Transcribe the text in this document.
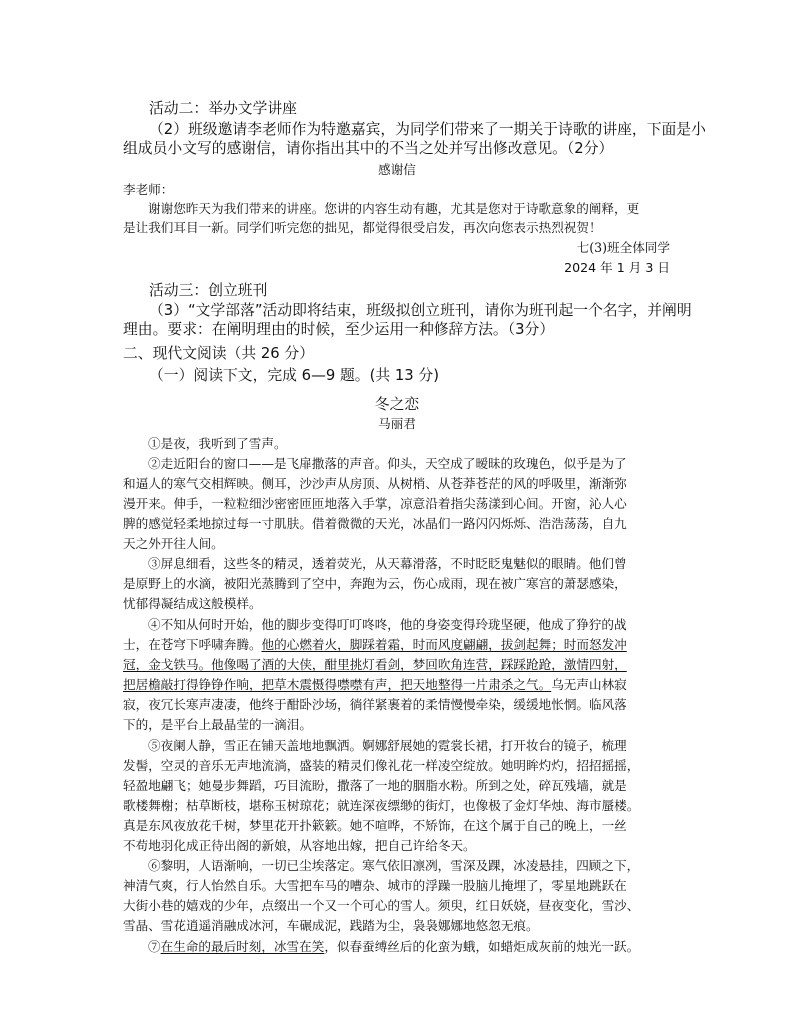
活动二：举办文学讲座
（2）班级邀请李老师作为特邀嘉宾，为同学们带来了一期关于诗歌的讲座，下面是小
组成员小文写的感谢信，请你指出其中的不当之处并写出修改意见。（2分）
感谢信
李老师：
谢谢您昨天为我们带来的讲座。您讲的内容生动有趣，尤其是您对于诗歌意象的阐释，更
是让我们耳目一新。同学们听完您的拙见，都觉得很受启发，再次向您表示热烈祝贺！
七(3)班全体同学
2024 年 1 月 3 日
活动三：创立班刊
（3）“文学部落”活动即将结束，班级拟创立班刊，请你为班刊起一个名字，并阐明
理由。要求：在阐明理由的时候，至少运用一种修辞方法。（3分）
二、现代文阅读（共 26 分）
（一）阅读下文，完成 6—9 题。(共 13 分)
冬之恋
马丽君
①是夜，我听到了雪声。
②走近阳台的窗口——是飞扉撒落的声音。仰头，天空成了暧昧的玫瑰色，似乎是为了
和逼人的寒气交相辉映。侧耳，沙沙声从房顶、从树梢、从苍莽苍茫的风的呼吸里，渐渐弥
漫开来。伸手，一粒粒细沙密密匝匝地落入手掌，凉意沿着指尖荡漾到心间。开窗，沁人心
脾的感觉轻柔地掠过每一寸肌肤。借着微微的天光，冰晶们一路闪闪烁烁、浩浩荡荡，自九
天之外开往人间。
③屏息细看，这些冬的精灵，透着荧光，从天幕滑落，不时眨眨鬼魅似的眼睛。他们曾
是原野上的水滴，被阳光蒸腾到了空中，奔跑为云，伤心成雨，现在被广寒宫的萧瑟感染，
忧郁得凝结成这般模样。
④不知从何时开始，他的脚步变得叮叮咚咚，他的身姿变得玲珑坚硬，他成了狰狞的战
士，在苍穹下呼啸奔腾。他的心燃着火，脚踩着霜，时而风度翩翩，拔剑起舞；时而怒发冲
冠，金戈铁马。他像喝了酒的大侠，酣里挑灯看剑，梦回吹角连营，踩踩跄跄，激情四射，
把居檐敲打得铮铮作响，把草木震慑得噤噤有声，把天地整得一片肃杀之气。乌无声山林寂
寂，夜冗长寒声凄凄，他终于酣卧沙场，徜徉紧裹着的柔情慢慢牵染，缓缓地怅惘。临风落
下的，是平台上最晶莹的一滴泪。
⑤夜阑人静，雪正在铺天盖地地飘洒。婀娜舒展她的霓裳长裙，打开妆台的镜子，梳理
发髻，空灵的音乐无声地流淌，盛装的精灵们像礼花一样凌空绽放。她明眸灼灼，招招摇摇，
轻盈地翩飞；她曼步舞蹈，巧目流盼，撒落了一地的胭脂水粉。所到之处，碎瓦残墙，就是
歌楼舞榭；枯草断枝，堪称玉树琼花；就连深夜缥缈的街灯，也像极了金灯华烛、海市蜃楼。
真是东风夜放花千树，梦里花开扑簌簌。她不喧哗，不矫饰，在这个属于自己的晚上，一丝
不苟地羽化成正待出阁的新娘，从容地出嫁，把自己许给冬天。
⑥黎明，人语渐响，一切已尘埃落定。寒气依旧凛冽，雪深及踝，冰凌悬挂，四顾之下，
神清气爽，行人怡然自乐。大雪把车马的嘈杂、城市的浮躁一股脑儿掩埋了，零星地跳跃在
大街小巷的嬉戏的少年，点缀出一个又一个可心的雪人。须臾，红日妖娆，昼夜变化，雪沙、
雪晶、雪花逍遥消融成冰河，车碾成泥，践踏为尘，袅袅娜娜地悠忽无痕。
⑦在生命的最后时刻，冰雪在笑，似春蚕缚丝后的化蛮为蛾，如蜡炬成灰前的烛光一跃。
